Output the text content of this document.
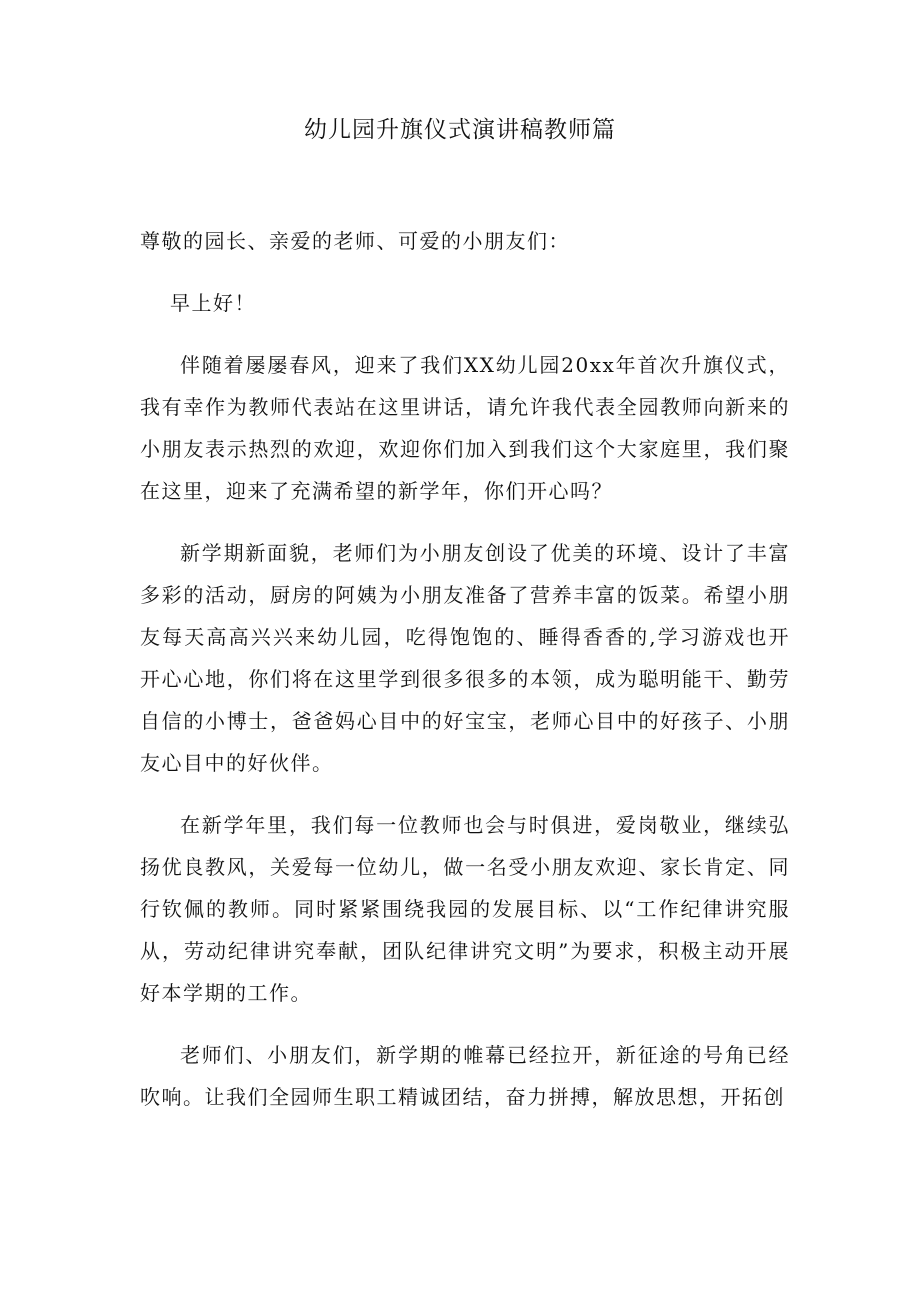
幼儿园升旗仪式演讲稿教师篇

尊敬的园长、亲爱的老师、可爱的小朋友们：

早上好！

伴随着屡屡春风，迎来了我们XX幼儿园20xx年首次升旗仪式，我有幸作为教师代表站在这里讲话，请允许我代表全园教师向新来的小朋友表示热烈的欢迎，欢迎你们加入到我们这个大家庭里，我们聚在这里，迎来了充满希望的新学年，你们开心吗？

新学期新面貌，老师们为小朋友创设了优美的环境、设计了丰富多彩的活动，厨房的阿姨为小朋友准备了营养丰富的饭菜。希望小朋友每天高高兴兴来幼儿园，吃得饱饱的、睡得香香的,学习游戏也开开心心地，你们将在这里学到很多很多的本领，成为聪明能干、勤劳自信的小博士，爸爸妈心目中的好宝宝，老师心目中的好孩子、小朋友心目中的好伙伴。

在新学年里，我们每一位教师也会与时俱进，爱岗敬业，继续弘扬优良教风，关爱每一位幼儿，做一名受小朋友欢迎、家长肯定、同行钦佩的教师。同时紧紧围绕我园的发展目标、以“工作纪律讲究服从，劳动纪律讲究奉献，团队纪律讲究文明”为要求，积极主动开展好本学期的工作。

老师们、小朋友们，新学期的帷幕已经拉开，新征途的号角已经吹响。让我们全园师生职工精诚团结，奋力拼搏，解放思想，开拓创
